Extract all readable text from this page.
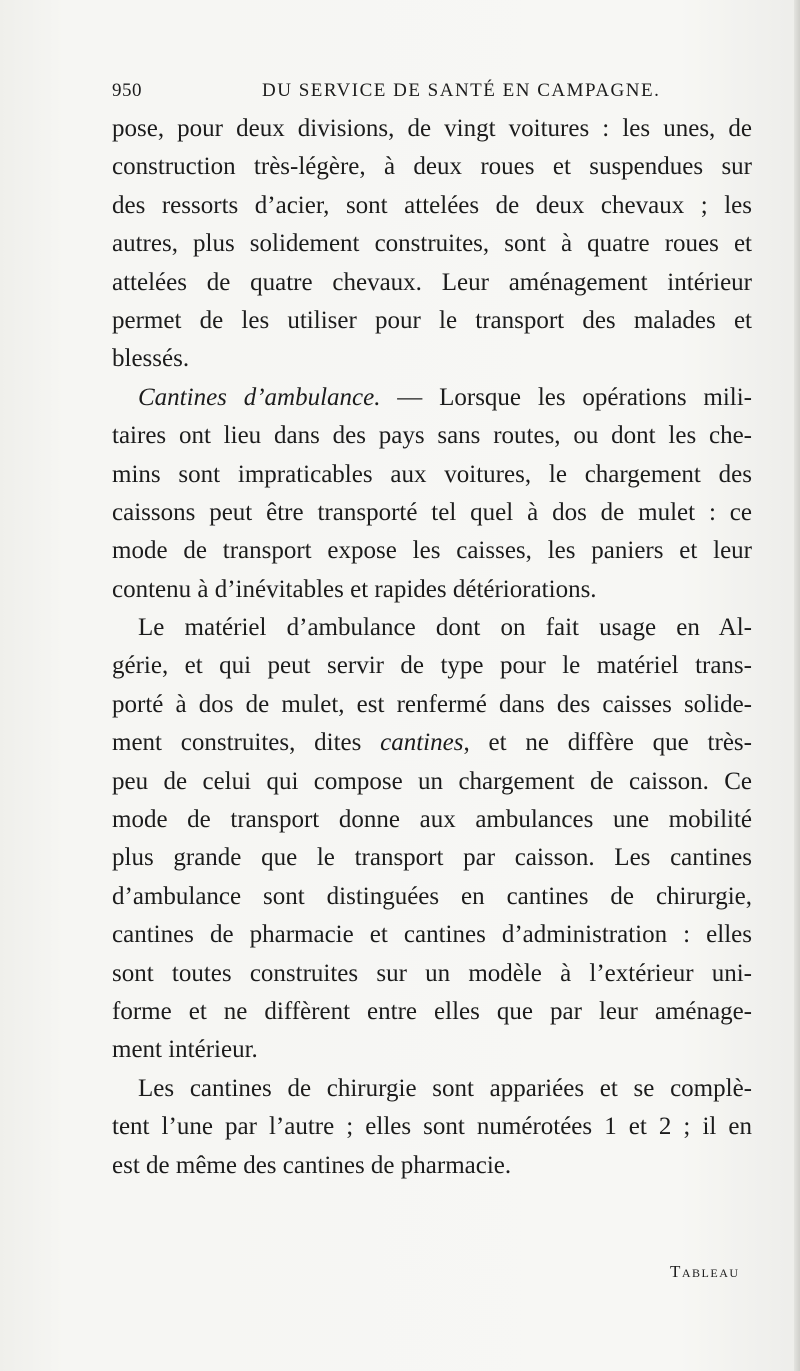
950	DU SERVICE DE SANTÉ EN CAMPAGNE.
pose, pour deux divisions, de vingt voitures : les unes, de
construction très-légère, à deux roues et suspendues sur
des ressorts d’acier, sont attelées de deux chevaux ; les
autres, plus solidement construites, sont à quatre roues et
attelées de quatre chevaux. Leur aménagement intérieur
permet de les utiliser pour le transport des malades et
blessés.
Cantines d’ambulance. — Lorsque les opérations mili-
taires ont lieu dans des pays sans routes, ou dont les che-
mins sont impraticables aux voitures, le chargement des
caissons peut être transporté tel quel à dos de mulet : ce
mode de transport expose les caisses, les paniers et leur
contenu à d’inévitables et rapides détériorations.
Le matériel d’ambulance dont on fait usage en Al-
gérie, et qui peut servir de type pour le matériel trans-
porté à dos de mulet, est renfermé dans des caisses solide-
ment construites, dites cantines, et ne diffère que très-
peu de celui qui compose un chargement de caisson. Ce
mode de transport donne aux ambulances une mobilité
plus grande que le transport par caisson. Les cantines
d’ambulance sont distinguées en cantines de chirurgie,
cantines de pharmacie et cantines d’administration : elles
sont toutes construites sur un modèle à l’extérieur uni-
forme et ne diffèrent entre elles que par leur aménage-
ment intérieur.
Les cantines de chirurgie sont appariées et se complè-
tent l’une par l’autre ; elles sont numérotées 1 et 2 ; il en
est de même des cantines de pharmacie.
Tableau
